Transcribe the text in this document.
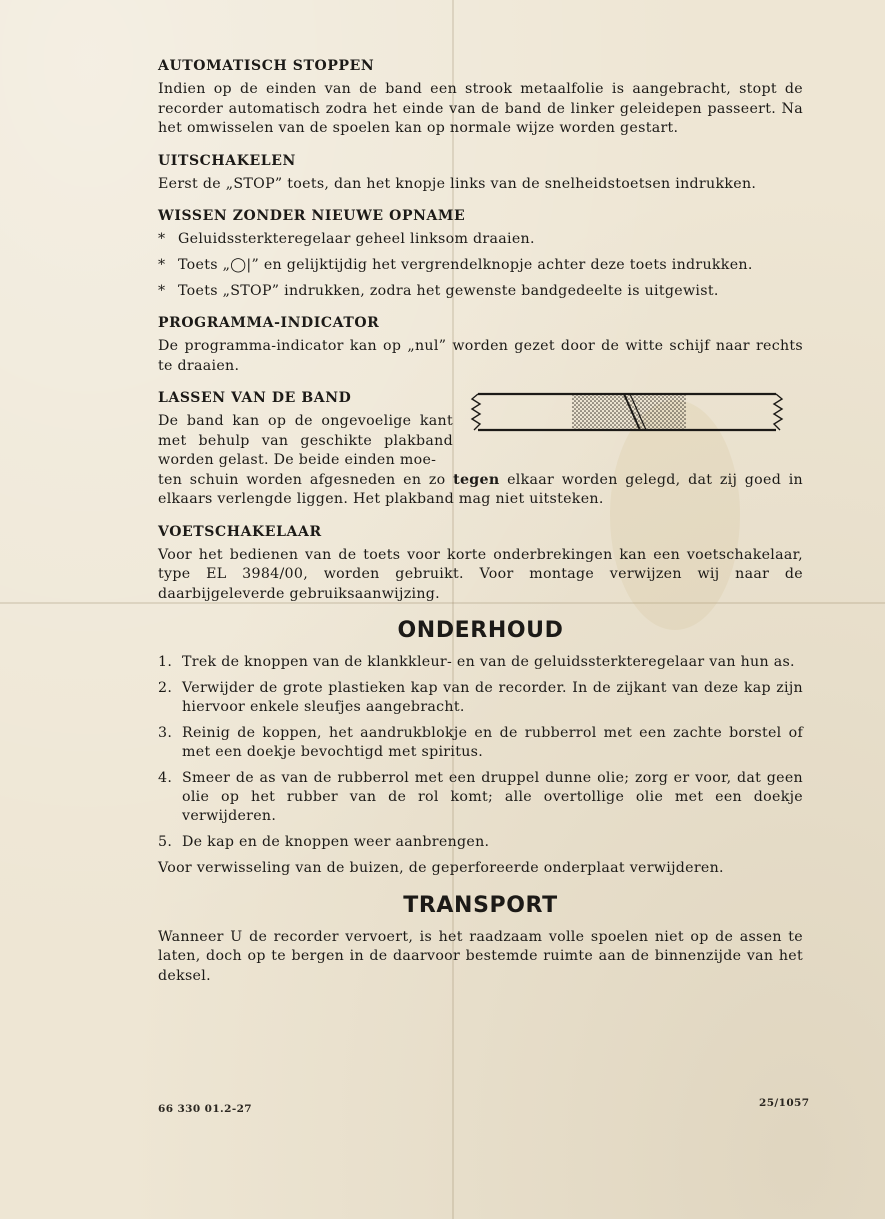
AUTOMATISCH STOPPEN

Indien op de einden van de band een strook metaalfolie is aangebracht, stopt de recorder automatisch zodra het einde van de band de linker geleidepen passeert. Na het omwisselen van de spoelen kan op normale wijze worden gestart.

UITSCHAKELEN

Eerst de „STOP” toets, dan het knopje links van de snelheidstoetsen indrukken.

WISSEN ZONDER NIEUWE OPNAME
* Geluidssterkteregelaar geheel linksom draaien.
* Toets „◯|” en gelijktijdig het vergrendelknopje achter deze toets indrukken.
* Toets „STOP” indrukken, zodra het gewenste bandgedeelte is uitgewist.
PROGRAMMA-INDICATOR

De programma-indicator kan op „nul” worden gezet door de witte schijf naar rechts te draaien.

LASSEN VAN DE BAND

De band kan op de ongevoelige kant met behulp van geschikte plakband worden gelast. De beide einden moe-

ten schuin worden afgesneden en zo tegen elkaar worden gelegd, dat zij goed in elkaars verlengde liggen. Het plakband mag niet uitsteken.

VOETSCHAKELAAR

Voor het bedienen van de toets voor korte onderbrekingen kan een voetschakelaar, type EL 3984/00, worden gebruikt. Voor montage verwijzen wij naar de daarbijgeleverde gebruiksaanwijzing.

ONDERHOUD
1. Trek de knoppen van de klankkleur- en van de geluidssterkteregelaar van hun as.
2. Verwijder de grote plastieken kap van de recorder. In de zijkant van deze kap zijn hiervoor enkele sleufjes aangebracht.
3. Reinig de koppen, het aandrukblokje en de rubberrol met een zachte borstel of met een doekje bevochtigd met spiritus.
4. Smeer de as van de rubberrol met een druppel dunne olie; zorg er voor, dat geen olie op het rubber van de rol komt; alle overtollige olie met een doekje verwijderen.
5. De kap en de knoppen weer aanbrengen.

Voor verwisseling van de buizen, de geperforeerde onderplaat verwijderen.

TRANSPORT

Wanneer U de recorder vervoert, is het raadzaam volle spoelen niet op de assen te laten, doch op te bergen in de daarvoor bestemde ruimte aan de binnenzijde van het deksel.

66 330 01.2-27	25/1057
